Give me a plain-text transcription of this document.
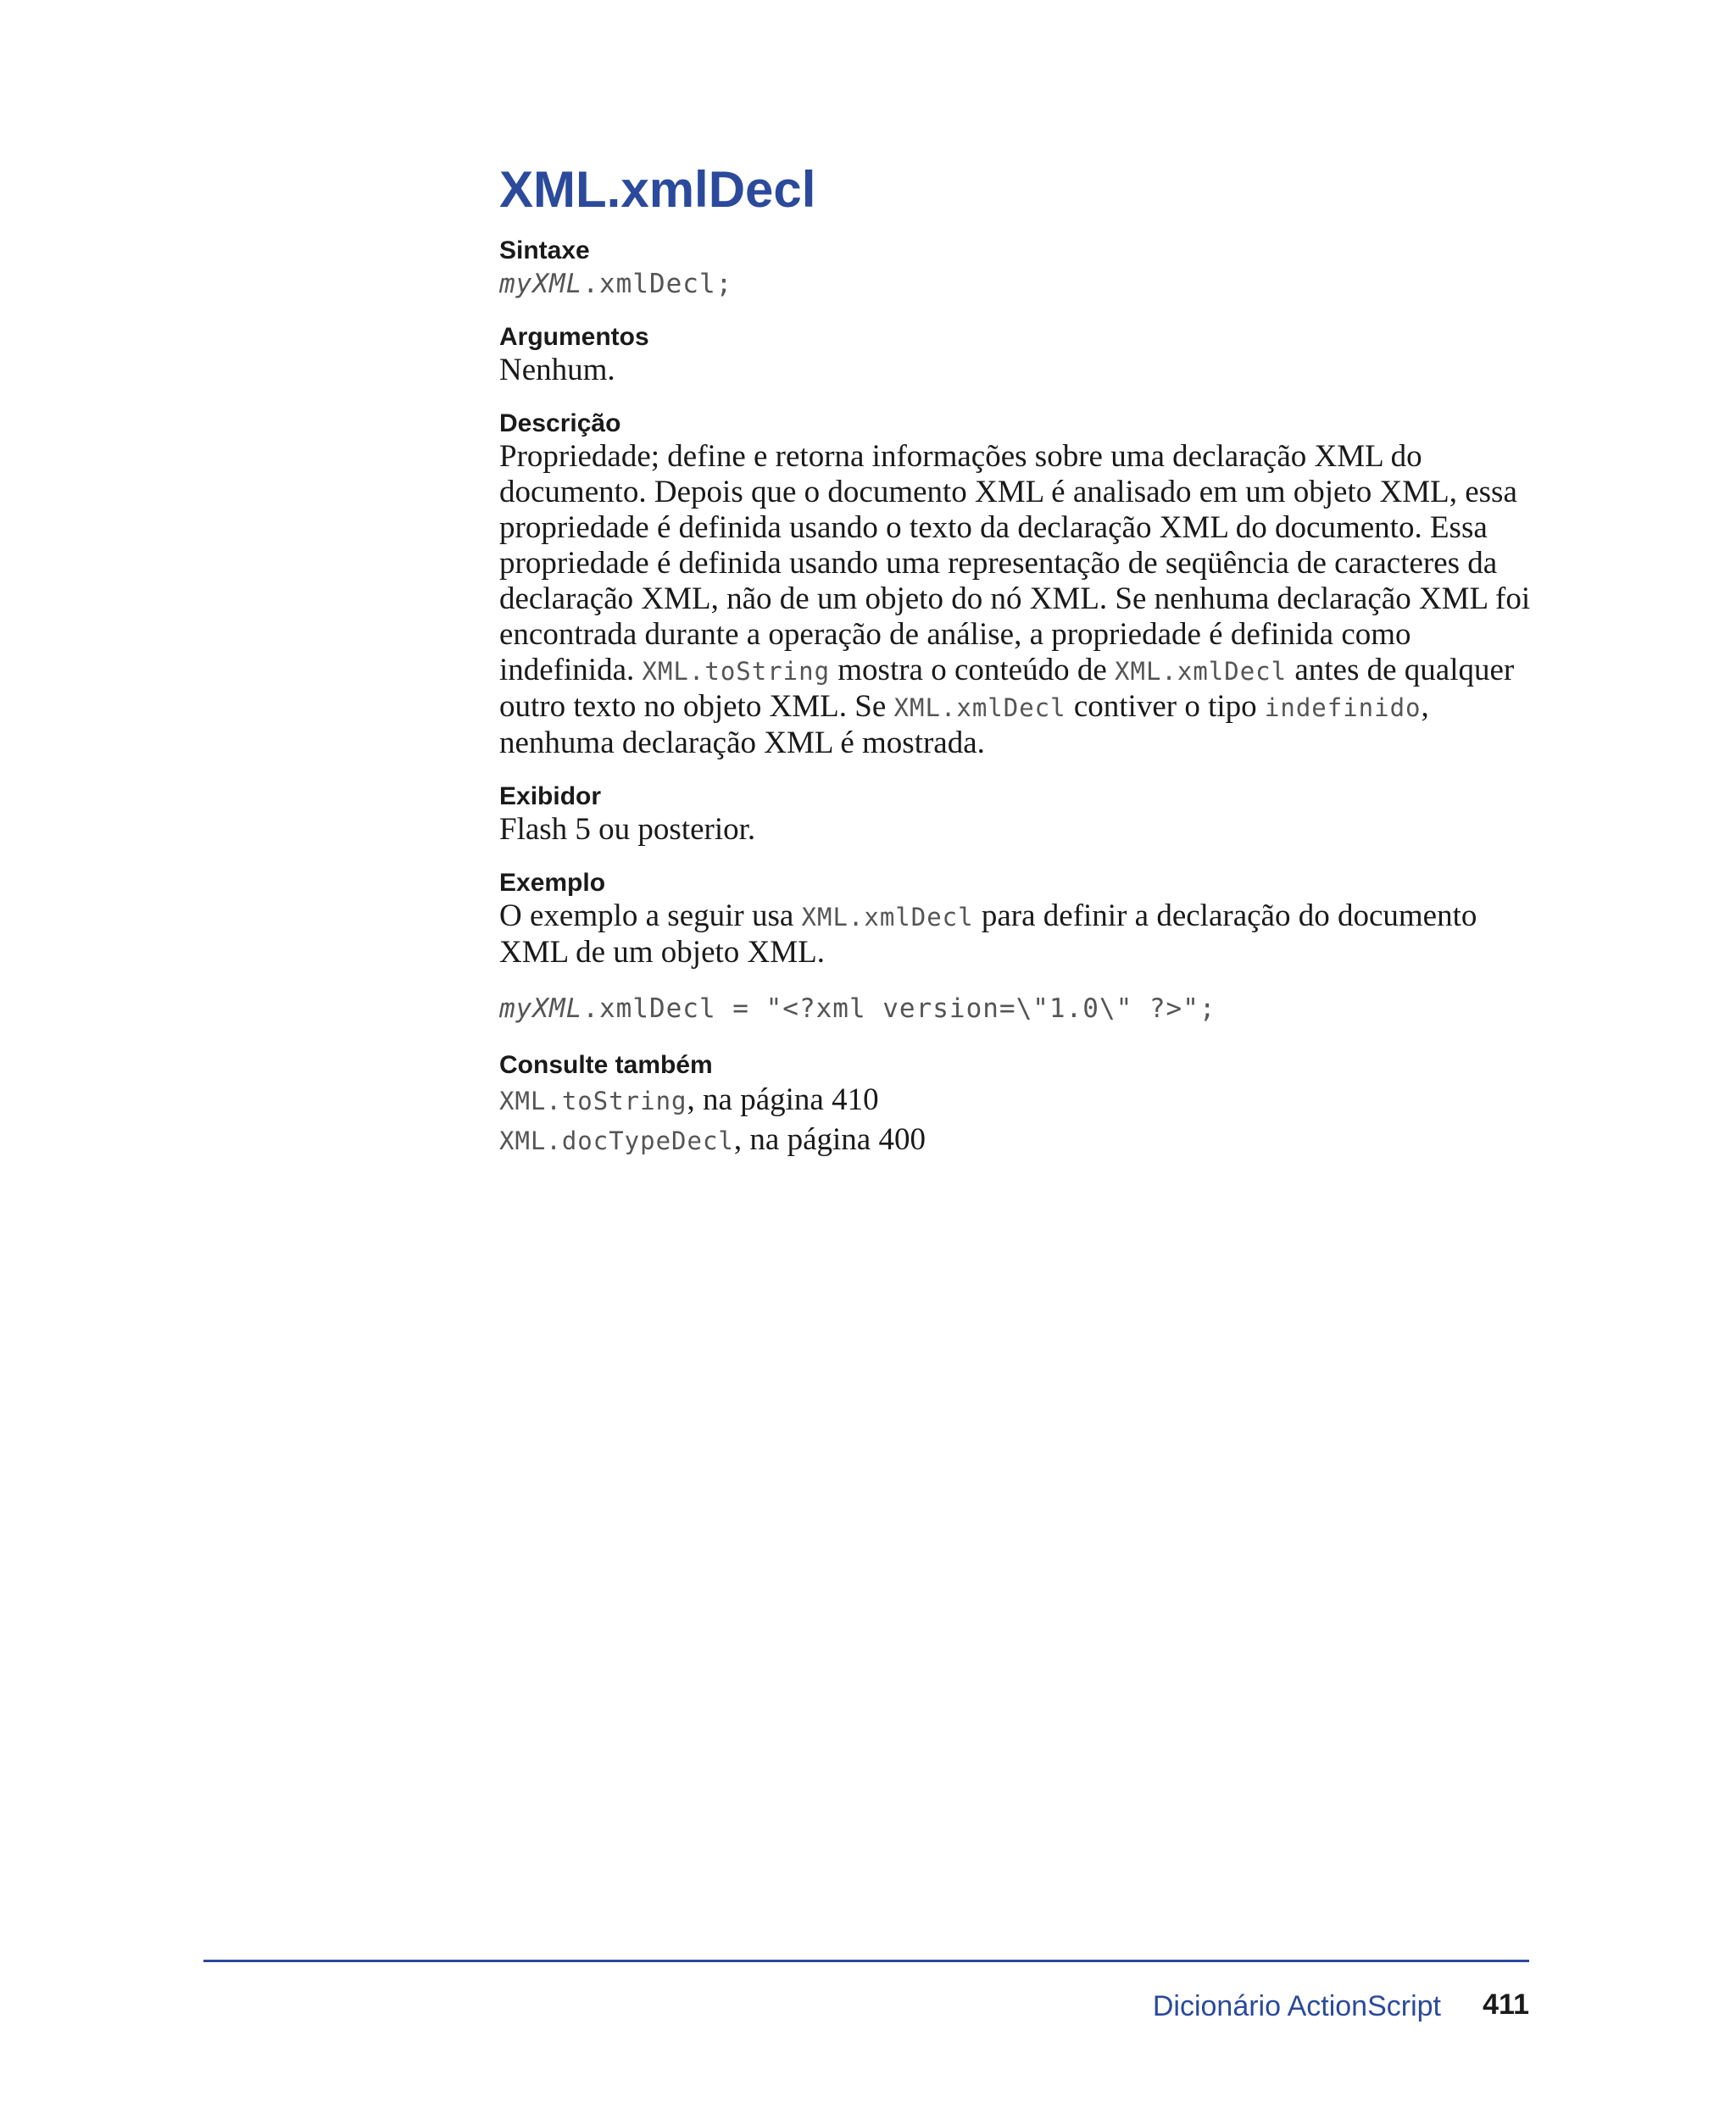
XML.xmlDecl

Sintaxe

myXML.xmlDecl;

Argumentos

Nenhum.

Descrição

Propriedade; define e retorna informações sobre uma declaração XML do documento. Depois que o documento XML é analisado em um objeto XML, essa propriedade é definida usando o texto da declaração XML do documento. Essa propriedade é definida usando uma representação de seqüência de caracteres da declaração XML, não de um objeto do nó XML. Se nenhuma declaração XML foi encontrada durante a operação de análise, a propriedade é definida como indefinida. XML.toString mostra o conteúdo de XML.xmlDecl antes de qualquer outro texto no objeto XML. Se XML.xmlDecl contiver o tipo indefinido, nenhuma declaração XML é mostrada.

Exibidor

Flash 5 ou posterior.

Exemplo

O exemplo a seguir usa XML.xmlDecl para definir a declaração do documento XML de um objeto XML.

myXML.xmlDecl = "<?xml version=\"1.0\" ?>";

Consulte também

XML.toString, na página 410

XML.docTypeDecl, na página 400

Dicionário ActionScript 411
